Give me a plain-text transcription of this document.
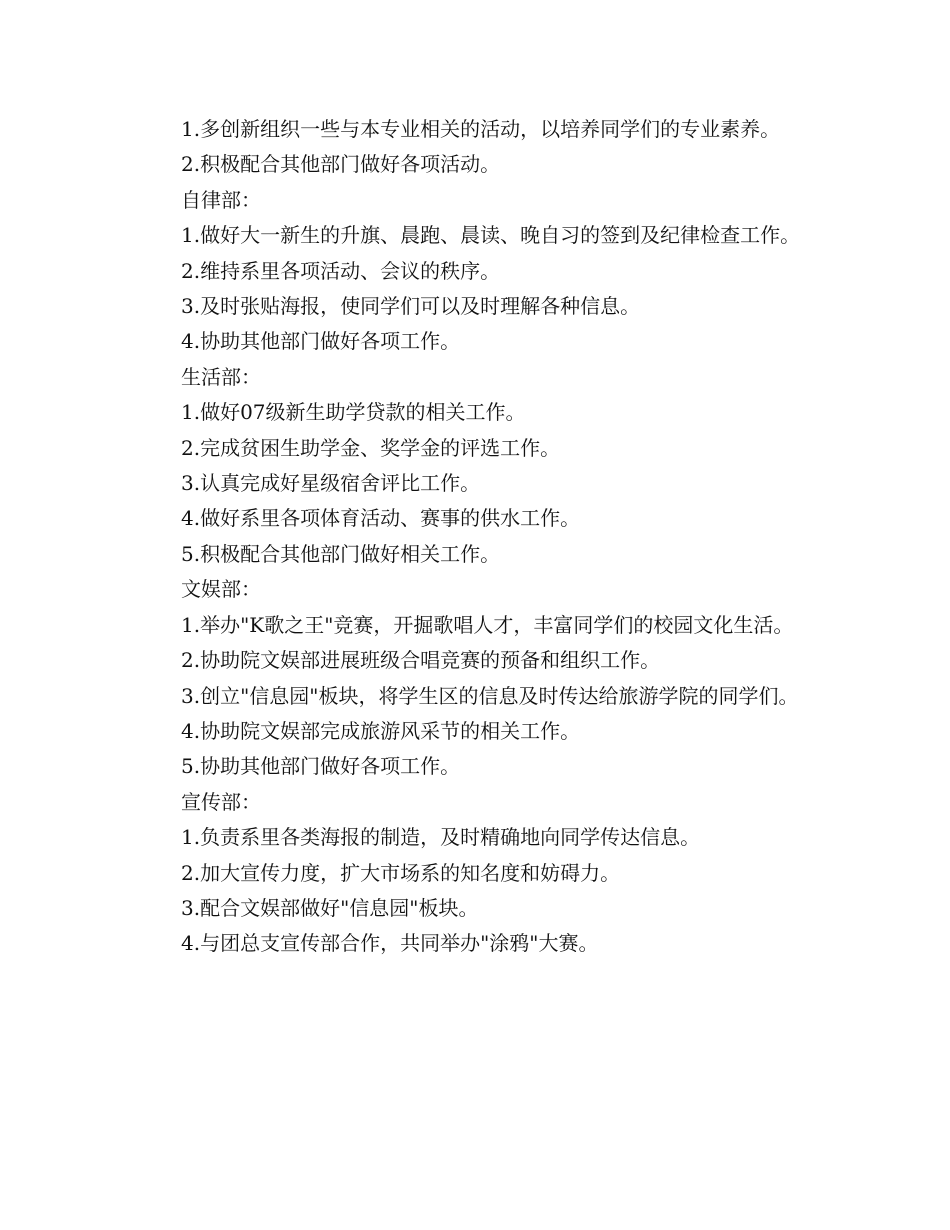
1.多创新组织一些与本专业相关的活动，以培养同学们的专业素养。

2.积极配合其他部门做好各项活动。

自律部：

1.做好大一新生的升旗、晨跑、晨读、晚自习的签到及纪律检查工作。

2.维持系里各项活动、会议的秩序。

3.及时张贴海报，使同学们可以及时理解各种信息。

4.协助其他部门做好各项工作。

生活部：

1.做好07级新生助学贷款的相关工作。

2.完成贫困生助学金、奖学金的评选工作。

3.认真完成好星级宿舍评比工作。

4.做好系里各项体育活动、赛事的供水工作。

5.积极配合其他部门做好相关工作。

文娱部：

1.举办"K歌之王"竞赛，开掘歌唱人才，丰富同学们的校园文化生活。

2.协助院文娱部进展班级合唱竞赛的预备和组织工作。

3.创立"信息园"板块，将学生区的信息及时传达给旅游学院的同学们。

4.协助院文娱部完成旅游风采节的相关工作。

5.协助其他部门做好各项工作。

宣传部：

1.负责系里各类海报的制造，及时精确地向同学传达信息。

2.加大宣传力度，扩大市场系的知名度和妨碍力。

3.配合文娱部做好"信息园"板块。

4.与团总支宣传部合作，共同举办"涂鸦"大赛。
